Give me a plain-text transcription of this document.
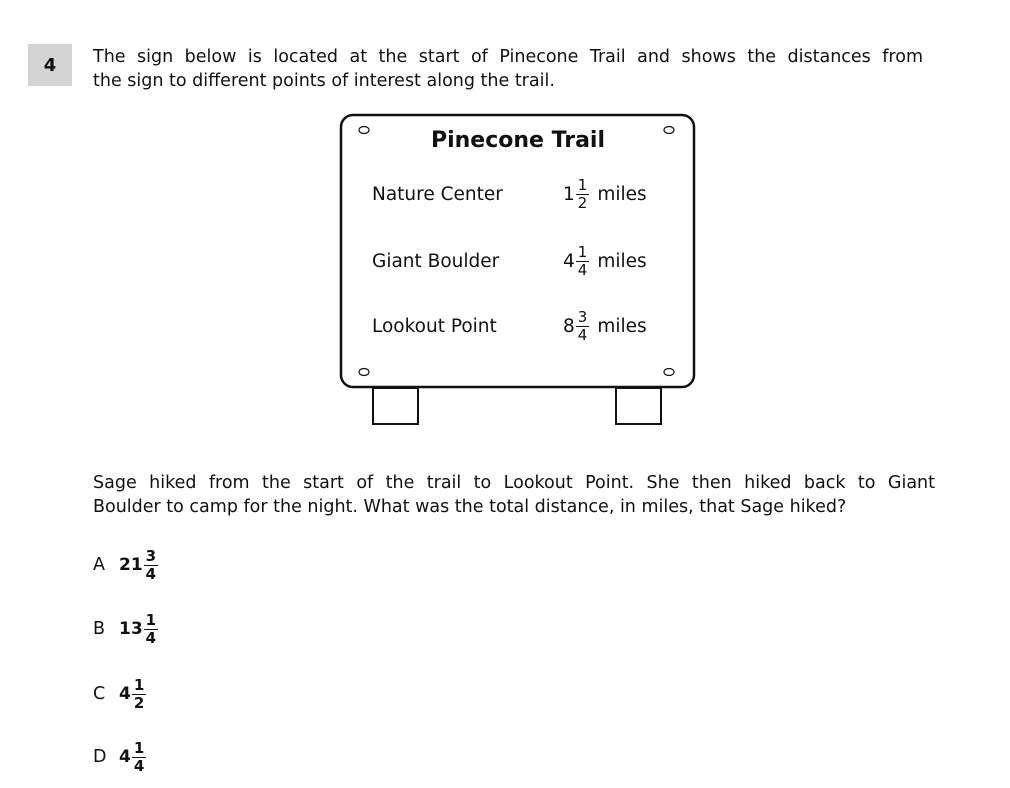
4	The sign below is located at the start of Pinecone Trail and shows the distances from
the sign to different points of interest along the trail.
Pinecone Trail
Nature Center	$1 \frac{1}{2}$ miles
Giant Boulder	$4 \frac{1}{4}$ miles
Lookout Point	$8 \frac{3}{4}$ miles
Sage hiked from the start of the trail to Lookout Point. She then hiked back to Giant
Boulder to camp for the night. What was the total distance, in miles, that Sage hiked?
A $21 \frac{3}{4}$
B $13 \frac{1}{4}$
C $4 \frac{1}{2}$
D $4 \frac{1}{4}$
